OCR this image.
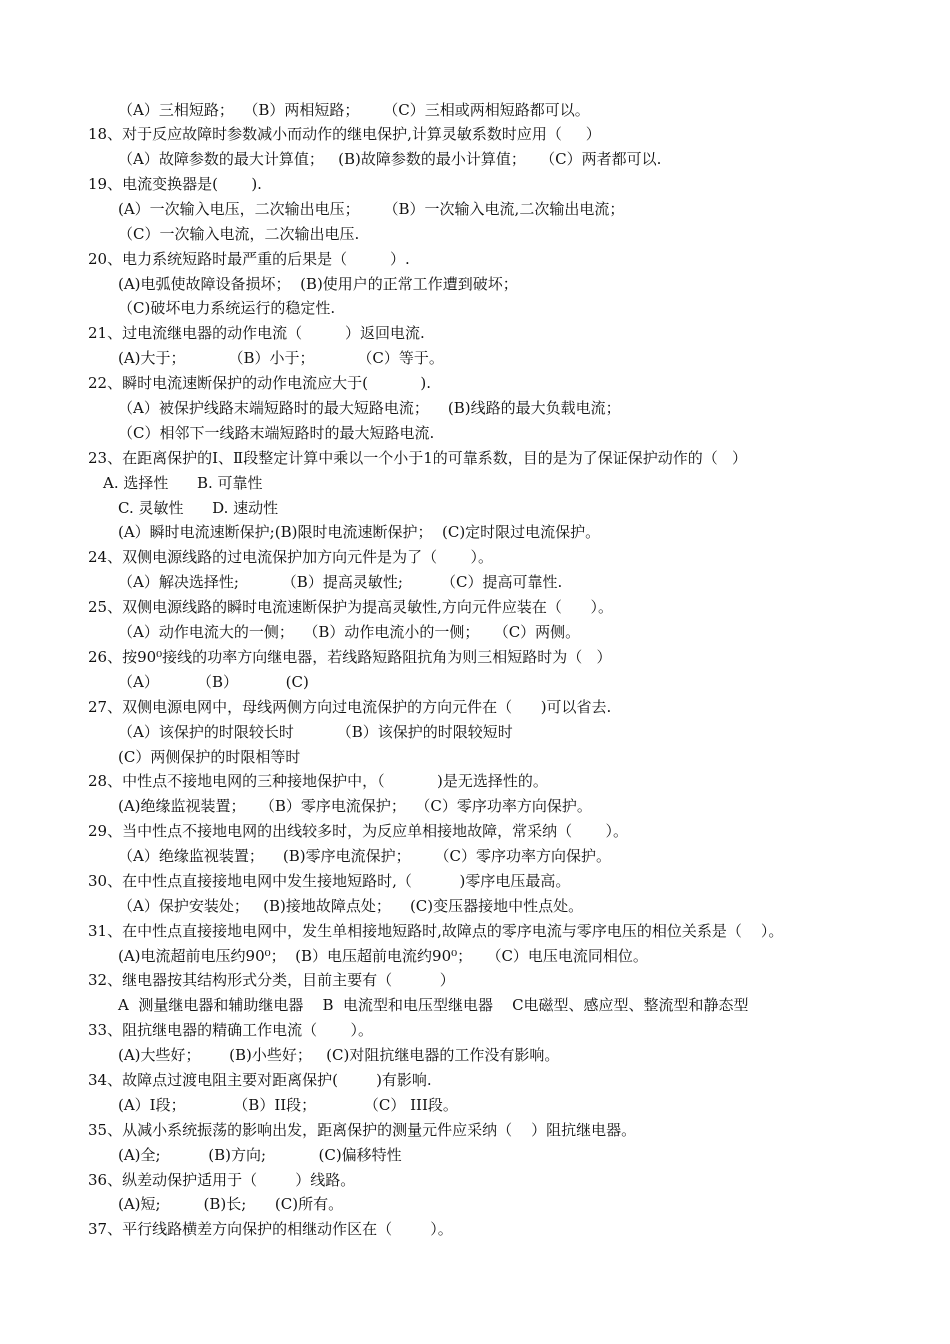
（A）三相短路；  （B）两相短路；     （C）三相或两相短路都可以。
18、对于反应故障时参数减小而动作的继电保护,计算灵敏系数时应用（     ）
（A）故障参数的最大计算值；   (B)故障参数的最小计算值；   （C）两者都可以.
19、电流变换器是(       ).
(A）一次输入电压，二次输出电压；     （B）一次输入电流,二次输出电流；
（C）一次输入电流，二次输出电压.
20、电力系统短路时最严重的后果是（         ）.
(A)电弧使故障设备损坏；  (B)使用户的正常工作遭到破坏；
（C)破坏电力系统运行的稳定性.
21、过电流继电器的动作电流（         ）返回电流.
(A)大于；         （B）小于；         （C）等于。
22、瞬时电流速断保护的动作电流应大于(           ).
（A）被保护线路末端短路时的最大短路电流；    (B)线路的最大负载电流；
（C）相邻下一线路末端短路时的最大短路电流.
23、在距离保护的Ⅰ、Ⅱ段整定计算中乘以一个小于1的可靠系数，目的是为了保证保护动作的（   ）
A. 选择性      B. 可靠性
C. 灵敏性      D. 速动性
(A）瞬时电流速断保护;(B)限时电流速断保护；  (C)定时限过电流保护。
24、双侧电源线路的过电流保护加方向元件是为了（       ）。
（A）解决选择性;         （B）提高灵敏性;        （C）提高可靠性.
25、双侧电源线路的瞬时电流速断保护为提高灵敏性,方向元件应装在（      ）。
（A）动作电流大的一侧；  （B）动作电流小的一侧；   （C）两侧。
26、按90⁰接线的功率方向继电器，若线路短路阻抗角为则三相短路时为（   ）
（A）        （B）          (C)
27、双侧电源电网中，母线两侧方向过电流保护的方向元件在（      )可以省去.
（A）该保护的时限较长时         （B）该保护的时限较短时
(C）两侧保护的时限相等时
28、中性点不接地电网的三种接地保护中，（           )是无选择性的。
(A)绝缘监视装置；   （B）零序电流保护；  （C）零序功率方向保护。
29、当中性点不接地电网的出线较多时，为反应单相接地故障，常采纳（       ）。
（A）绝缘监视装置；    (B)零序电流保护；     （C）零序功率方向保护。
30、在中性点直接接地电网中发生接地短路时,（          )零序电压最高。
（A）保护安装处；   (B)接地故障点处；    (C)变压器接地中性点处。
31、在中性点直接接地电网中，发生单相接地短路时,故障点的零序电流与零序电压的相位关系是（    ）。
(A)电流超前电压约90⁰；  (B）电压超前电流约90⁰；   （C）电压电流同相位。
32、继电器按其结构形式分类，目前主要有（          ）
A  测量继电器和辅助继电器    B  电流型和电压型继电器    C电磁型、感应型、整流型和静态型
33、阻抗继电器的精确工作电流（       ）。
(A)大些好；      (B)小些好；   (C)对阻抗继电器的工作没有影响。
34、故障点过渡电阻主要对距离保护(        )有影响.
(A）I段；          （B）II段；          （C） III段。
35、从减小系统振荡的影响出发，距离保护的测量元件应采纳（    ）阻抗继电器。
(A)全;          (B)方向;           (C)偏移特性
36、纵差动保护适用于（        ）线路。
(A)短;         (B)长;      (C)所有。
37、平行线路横差方向保护的相继动作区在（        ）。
